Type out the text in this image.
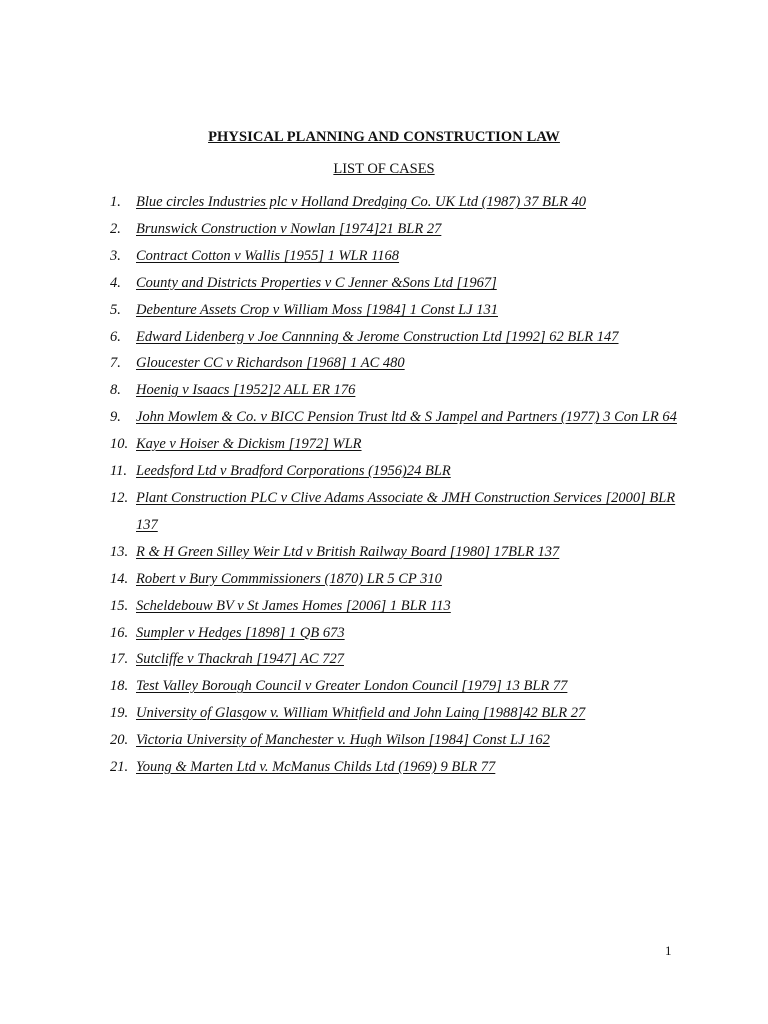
PHYSICAL PLANNING AND CONSTRUCTION LAW
LIST OF CASES
1. Blue circles Industries plc v Holland Dredging Co. UK Ltd (1987) 37 BLR 40
2. Brunswick Construction v Nowlan [1974]21 BLR 27
3. Contract Cotton v Wallis [1955] 1 WLR 1168
4. County and Districts Properties v C Jenner &Sons Ltd [1967]
5. Debenture Assets Crop v William Moss [1984] 1 Const LJ 131
6. Edward Lidenberg v Joe Cannning & Jerome Construction Ltd [1992] 62 BLR 147
7. Gloucester CC v Richardson [1968] 1 AC 480
8. Hoenig v Isaacs [1952]2 ALL ER 176
9. John Mowlem & Co. v BICC Pension Trust ltd & S Jampel and Partners (1977) 3 Con LR 64
10. Kaye v Hoiser & Dickism [1972] WLR
11. Leedsford Ltd v Bradford Corporations (1956)24 BLR
12. Plant Construction PLC v Clive Adams Associate & JMH Construction Services [2000] BLR 137
13. R & H Green Silley Weir Ltd v British Railway Board [1980] 17BLR 137
14. Robert v Bury Commmissioners (1870) LR 5 CP 310
15. Scheldebouw BV v St James Homes [2006] 1 BLR 113
16. Sumpler v Hedges [1898] 1 QB 673
17. Sutcliffe v Thackrah [1947] AC 727
18. Test Valley Borough Council v Greater London Council [1979] 13 BLR 77
19. University of Glasgow v. William Whitfield and John Laing [1988]42 BLR 27
20. Victoria University of Manchester v. Hugh Wilson [1984] Const LJ 162
21. Young & Marten Ltd v. McManus Childs Ltd (1969) 9 BLR 77
1
